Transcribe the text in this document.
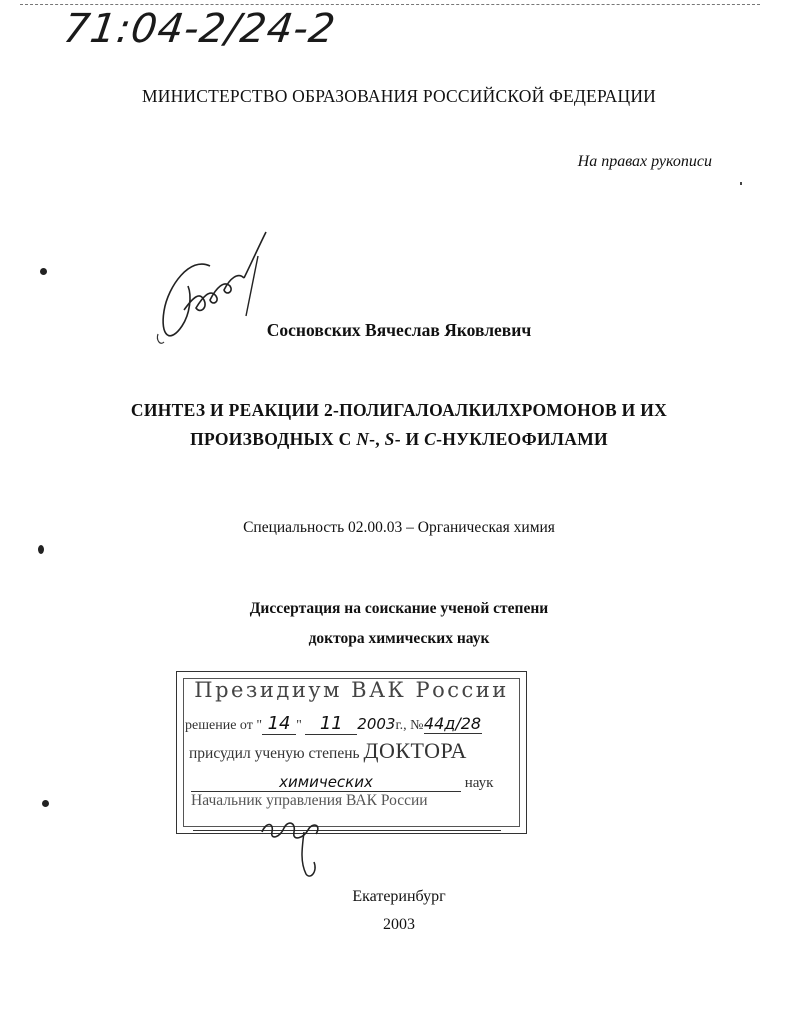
71:04-2/24-2
МИНИСТЕРСТВО ОБРАЗОВАНИЯ РОССИЙСКОЙ ФЕДЕРАЦИИ
На правах рукописи
Сосновских Вячеслав Яковлевич
СИНТЕЗ И РЕАКЦИИ 2-ПОЛИГАЛОАЛКИЛХРОМОНОВ И ИХ
ПРОИЗВОДНЫХ С N-, S- И C-НУКЛЕОФИЛАМИ
Специальность 02.00.03 – Органическая химия
Диссертация на соискание ученой степени
доктора химических наук
Президиум ВАК России
решение от " 14 " 11 2003г., №44д/28
присудил ученую степень ДОКТОРА
химических	наук
Начальник управления ВАК России
Екатеринбург
2003
